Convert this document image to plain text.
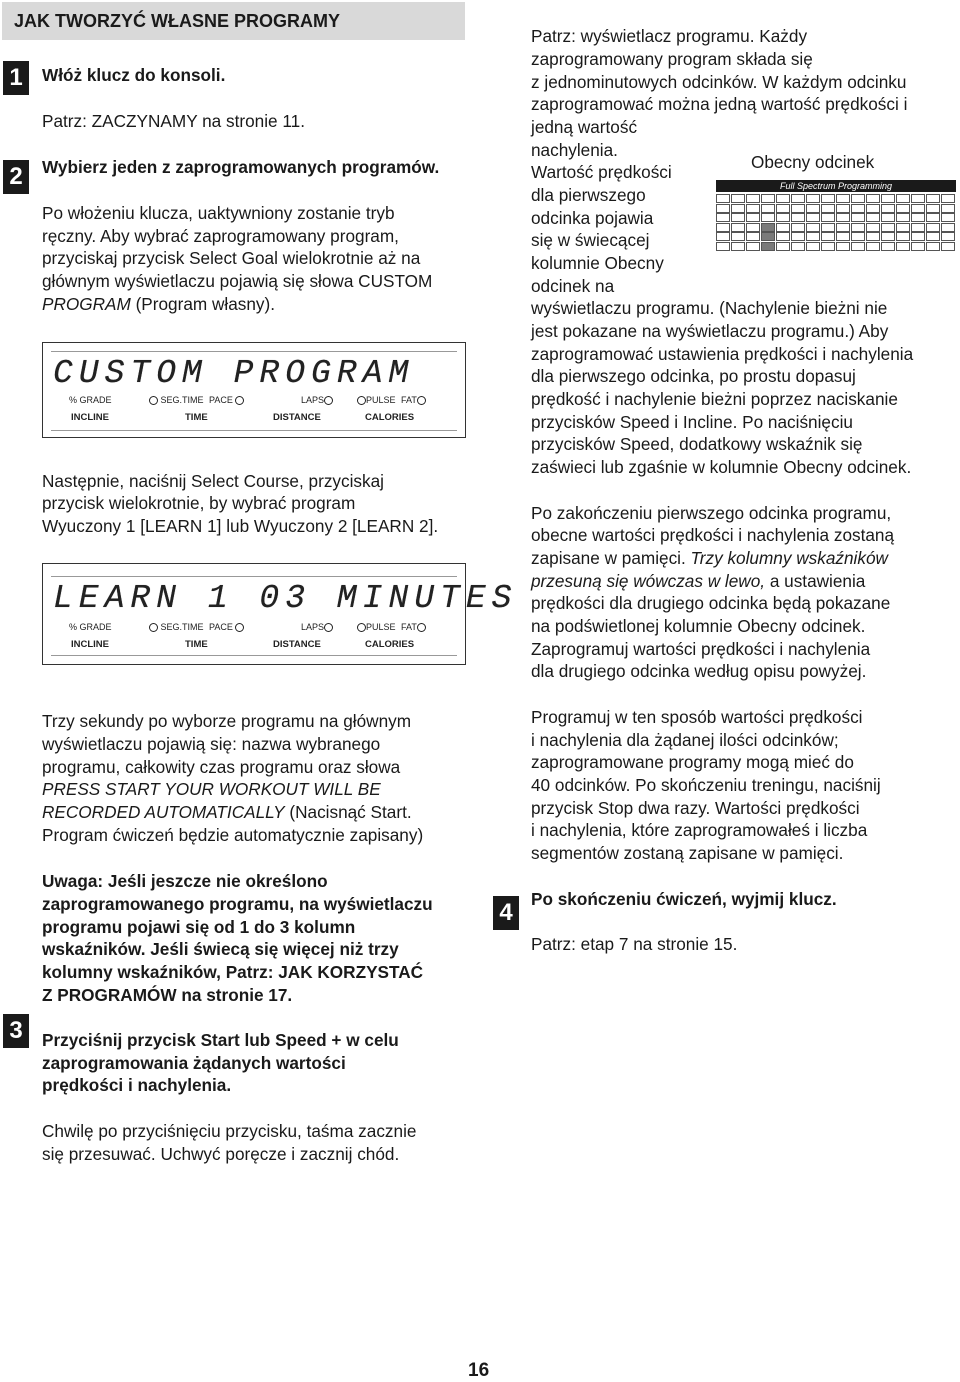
JAK TWORZYĆ WŁASNE PROGRAMY
1
2
3
4

Włóż klucz do konsoli.

Patrz: ZACZYNAMY na stronie 11.

Wybierz jeden z zaprogramowanych programów.

Po włożeniu klucza, uaktywniony zostanie tryb

ręczny. Aby wybrać zaprogramowany program,

przyciskaj przycisk Select Goal wielokrotnie aż na

głównym wyświetlaczu pojawią się słowa CUSTOM

PROGRAM (Program własny).

CUSTOM PROGRAM
% GRADE	SEG.TIME PACE	LAPS	PULSE FAT
INCLINE	TIME	DISTANCE	CALORIES

Następnie, naciśnij Select Course, przyciskaj

przycisk wielokrotnie, by wybrać program

Wyuczony 1 [LEARN 1] lub Wyuczony 2 [LEARN 2].

LEARN 1 03 MINUTES
% GRADE	SEG.TIME PACE	LAPS	PULSE FAT
INCLINE	TIME	DISTANCE	CALORIES

Trzy sekundy po wyborze programu na głównym

wyświetlaczu pojawią się: nazwa wybranego

programu, całkowity czas programu oraz słowa

PRESS START YOUR WORKOUT WILL BE

RECORDED AUTOMATICALLY (Nacisnąć Start.

Program ćwiczeń będzie automatycznie zapisany)

Uwaga: Jeśli jeszcze nie określono

zaprogramowanego programu, na wyświetlaczu

programu pojawi się od 1 do 3 kolumn

wskaźników. Jeśli świecą się więcej niż trzy

kolumny wskaźników, Patrz: JAK KORZYSTAĆ

Z PROGRAMÓW na stronie 17.

Przyciśnij przycisk Start lub Speed + w celu

zaprogramowania żądanych wartości

prędkości i nachylenia.

Chwilę po przyciśnięciu przycisku, taśma zacznie

się przesuwać. Uchwyć poręcze i zacznij chód.

Patrz: wyświetlacz programu. Każdy

zaprogramowany program składa się

z jednominutowych odcinków. W każdym odcinku

zaprogramować można jedną wartość prędkości i

jedną wartość

nachylenia.

Wartość prędkości

dla pierwszego

odcinka pojawia

się w świecącej

kolumnie Obecny

odcinek na

wyświetlaczu programu. (Nachylenie bieżni nie

jest pokazane na wyświetlaczu programu.) Aby

zaprogramować ustawienia prędkości i nachylenia

dla pierwszego odcinka, po prostu dopasuj

prędkość i nachylenie bieżni poprzez naciskanie

przycisków Speed i Incline. Po naciśnięciu

przycisków Speed, dodatkowy wskaźnik się

zaświeci lub zgaśnie w kolumnie Obecny odcinek.

Obecny odcinek
Full Spectrum Programming

Po zakończeniu pierwszego odcinka programu,

obecne wartości prędkości i nachylenia zostaną

zapisane w pamięci. Trzy kolumny wskaźników

przesuną się wówczas w lewo, a ustawienia

prędkości dla drugiego odcinka będą pokazane

na podświetlonej kolumnie Obecny odcinek.

Zaprogramuj wartości prędkości i nachylenia

dla drugiego odcinka według opisu powyżej.

Programuj w ten sposób wartości prędkości

i nachylenia dla żądanej ilości odcinków;

zaprogramowane programy mogą mieć do

40 odcinków. Po skończeniu treningu, naciśnij

przycisk Stop dwa razy. Wartości prędkości

i nachylenia, które zaprogramowałeś i liczba

segmentów zostaną zapisane w pamięci.

Po skończeniu ćwiczeń, wyjmij klucz.

Patrz: etap 7 na stronie 15.

16
